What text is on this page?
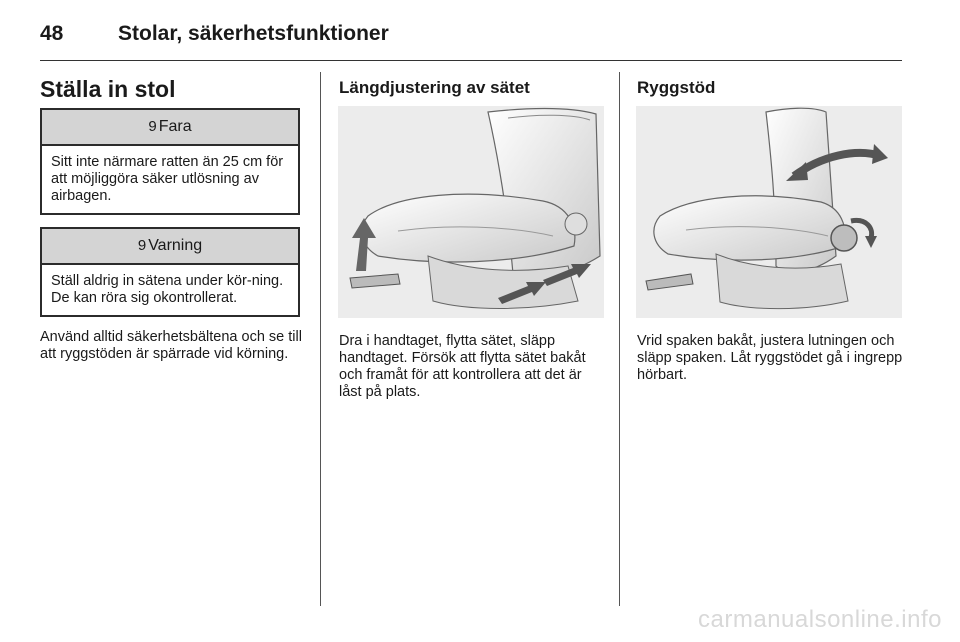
48	Stolar, säkerhetsfunktioner
Ställa in stol
9 Fara
Sitt inte närmare ratten än 25 cm för att möjliggöra säker utlösning av airbagen.
9 Varning
Ställ aldrig in sätena under kör-ning. De kan röra sig okontrollerat.
Använd alltid säkerhetsbältena och se till att ryggstöden är spärrade vid körning.
Längdjustering av sätet
Dra i handtaget, flytta sätet, släpp handtaget. Försök att flytta sätet bakåt och framåt för att kontrollera att det är låst på plats.
Ryggstöd
Vrid spaken bakåt, justera lutningen och släpp spaken. Låt ryggstödet gå i ingrepp hörbart.
carmanualsonline.info
